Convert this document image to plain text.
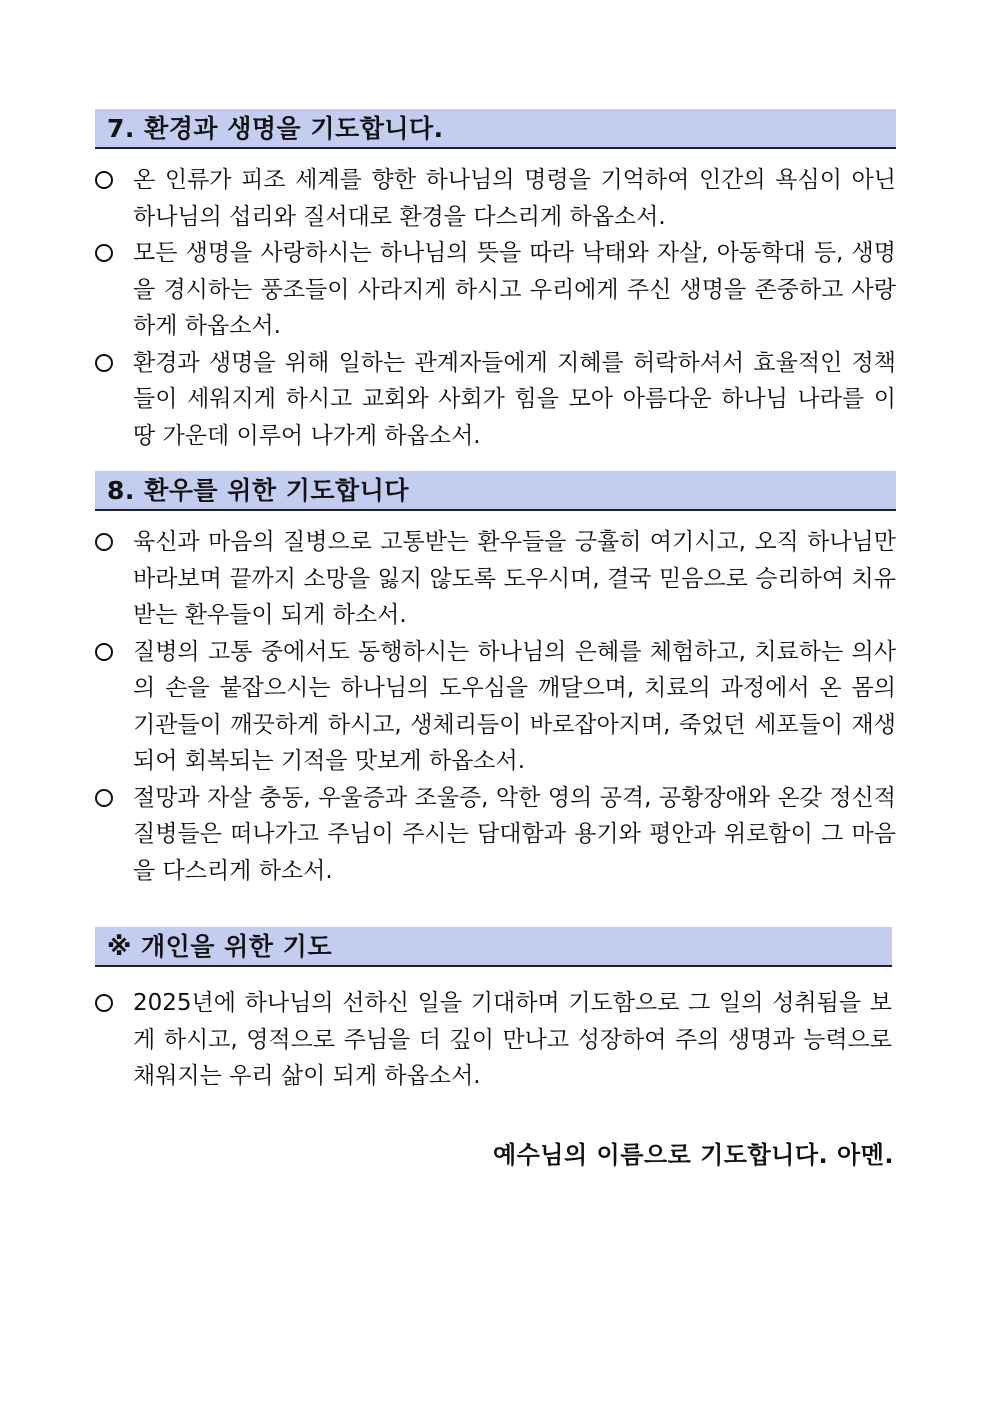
7. 환경과 생명을 기도합니다.
온 인류가 피조 세계를 향한 하나님의 명령을 기억하여 인간의 욕심이 아닌 하나님의 섭리와 질서대로 환경을 다스리게 하옵소서.
모든 생명을 사랑하시는 하나님의 뜻을 따라 낙태와 자살, 아동학대 등, 생명을 경시하는 풍조들이 사라지게 하시고 우리에게 주신 생명을 존중하고 사랑하게 하옵소서.
환경과 생명을 위해 일하는 관계자들에게 지혜를 허락하셔서 효율적인 정책들이 세워지게 하시고 교회와 사회가 힘을 모아 아름다운 하나님 나라를 이 땅 가운데 이루어 나가게 하옵소서.
8. 환우를 위한 기도합니다
육신과 마음의 질병으로 고통받는 환우들을 긍휼히 여기시고, 오직 하나님만 바라보며 끝까지 소망을 잃지 않도록 도우시며, 결국 믿음으로 승리하여 치유받는 환우들이 되게 하소서.
질병의 고통 중에서도 동행하시는 하나님의 은혜를 체험하고, 치료하는 의사의 손을 붙잡으시는 하나님의 도우심을 깨달으며, 치료의 과정에서 온 몸의 기관들이 깨끗하게 하시고, 생체리듬이 바로잡아지며, 죽었던 세포들이 재생되어 회복되는 기적을 맛보게 하옵소서.
절망과 자살 충동, 우울증과 조울증, 악한 영의 공격, 공황장애와 온갖 정신적 질병들은 떠나가고 주님이 주시는 담대함과 용기와 평안과 위로함이 그 마음을 다스리게 하소서.
※ 개인을 위한 기도
2025년에 하나님의 선하신 일을 기대하며 기도함으로 그 일의 성취됨을 보게 하시고, 영적으로 주님을 더 깊이 만나고 성장하여 주의 생명과 능력으로 채워지는 우리 삶이 되게 하옵소서.
예수님의 이름으로 기도합니다. 아멘.
